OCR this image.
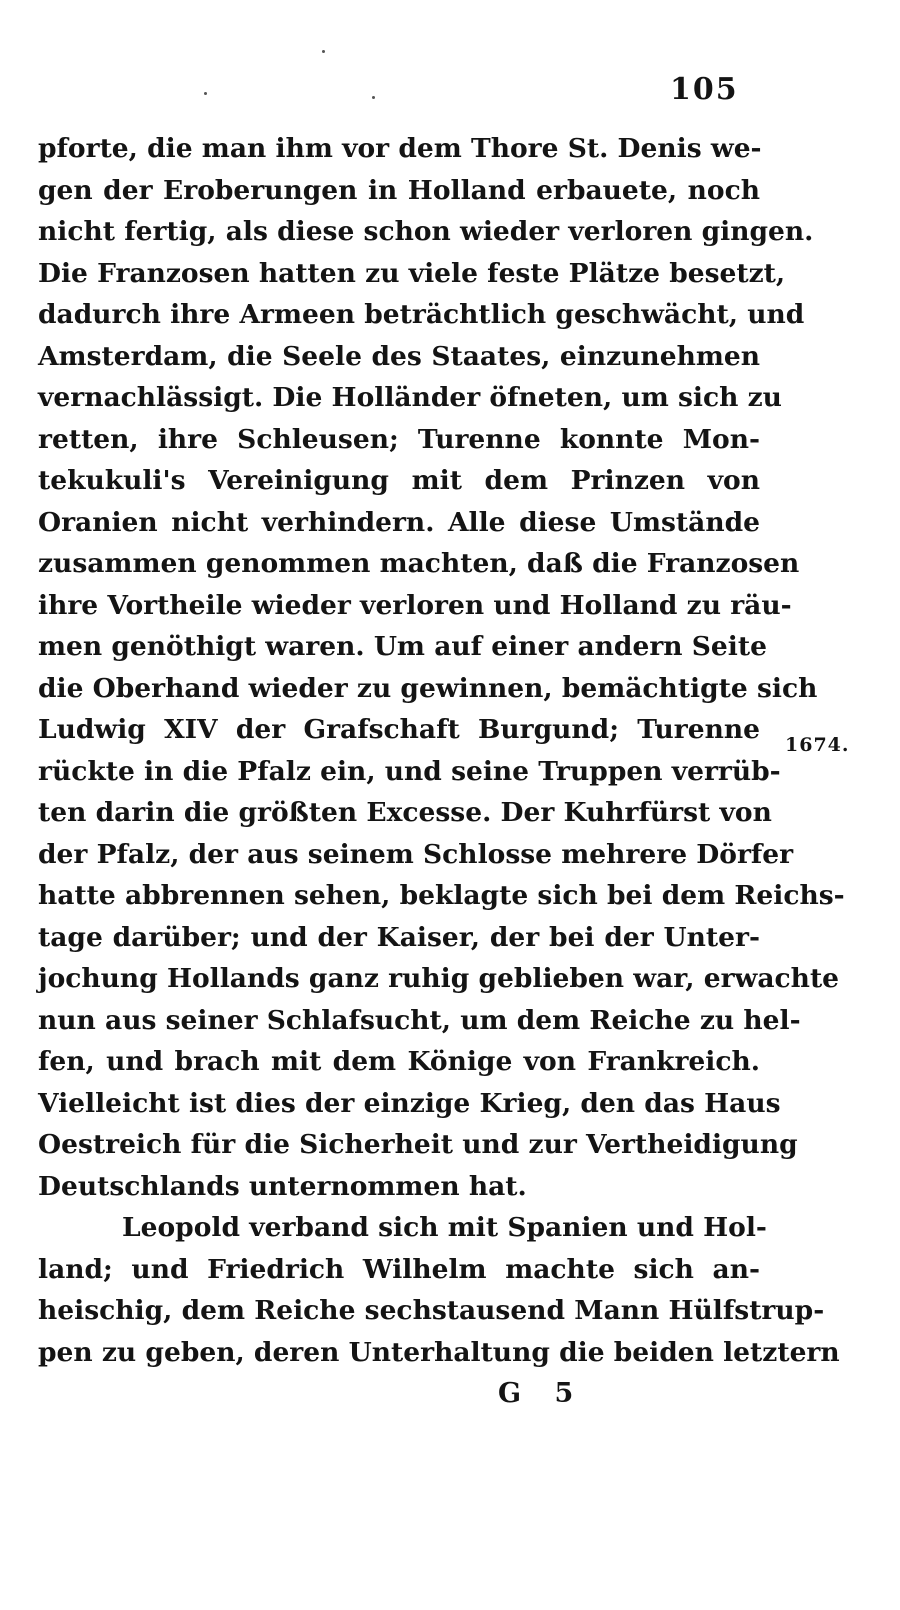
105
pforte, die man ihm vor dem Thore St. Denis we-
gen der Eroberungen in Holland erbauete, noch
nicht fertig, als diese schon wieder verloren gingen.
Die Franzosen hatten zu viele feste Plätze besetzt,
dadurch ihre Armeen beträchtlich geschwächt, und
Amsterdam, die Seele des Staates, einzunehmen
vernachlässigt. Die Holländer öfneten, um sich zu
retten, ihre Schleusen; Turenne konnte Mon-
tekukuli's Vereinigung mit dem Prinzen von
Oranien nicht verhindern. Alle diese Umstände
zusammen genommen machten, daß die Franzosen
ihre Vortheile wieder verloren und Holland zu räu-
men genöthigt waren. Um auf einer andern Seite
die Oberhand wieder zu gewinnen, bemächtigte sich
Ludwig XIV der Grafschaft Burgund; Turenne
rückte in die Pfalz ein, und seine Truppen verrüb-
ten darin die größten Excesse. Der Kuhrfürst von
der Pfalz, der aus seinem Schlosse mehrere Dörfer
hatte abbrennen sehen, beklagte sich bei dem Reichs-
tage darüber; und der Kaiser, der bei der Unter-
jochung Hollands ganz ruhig geblieben war, erwachte
nun aus seiner Schlafsucht, um dem Reiche zu hel-
fen, und brach mit dem Könige von Frankreich.
Vielleicht ist dies der einzige Krieg, den das Haus
Oestreich für die Sicherheit und zur Vertheidigung
Deutschlands unternommen hat.
Leopold verband sich mit Spanien und Hol-
land; und Friedrich Wilhelm machte sich an-
heischig, dem Reiche sechstausend Mann Hülfstrup-
pen zu geben, deren Unterhaltung die beiden letztern
1674.
G 5
